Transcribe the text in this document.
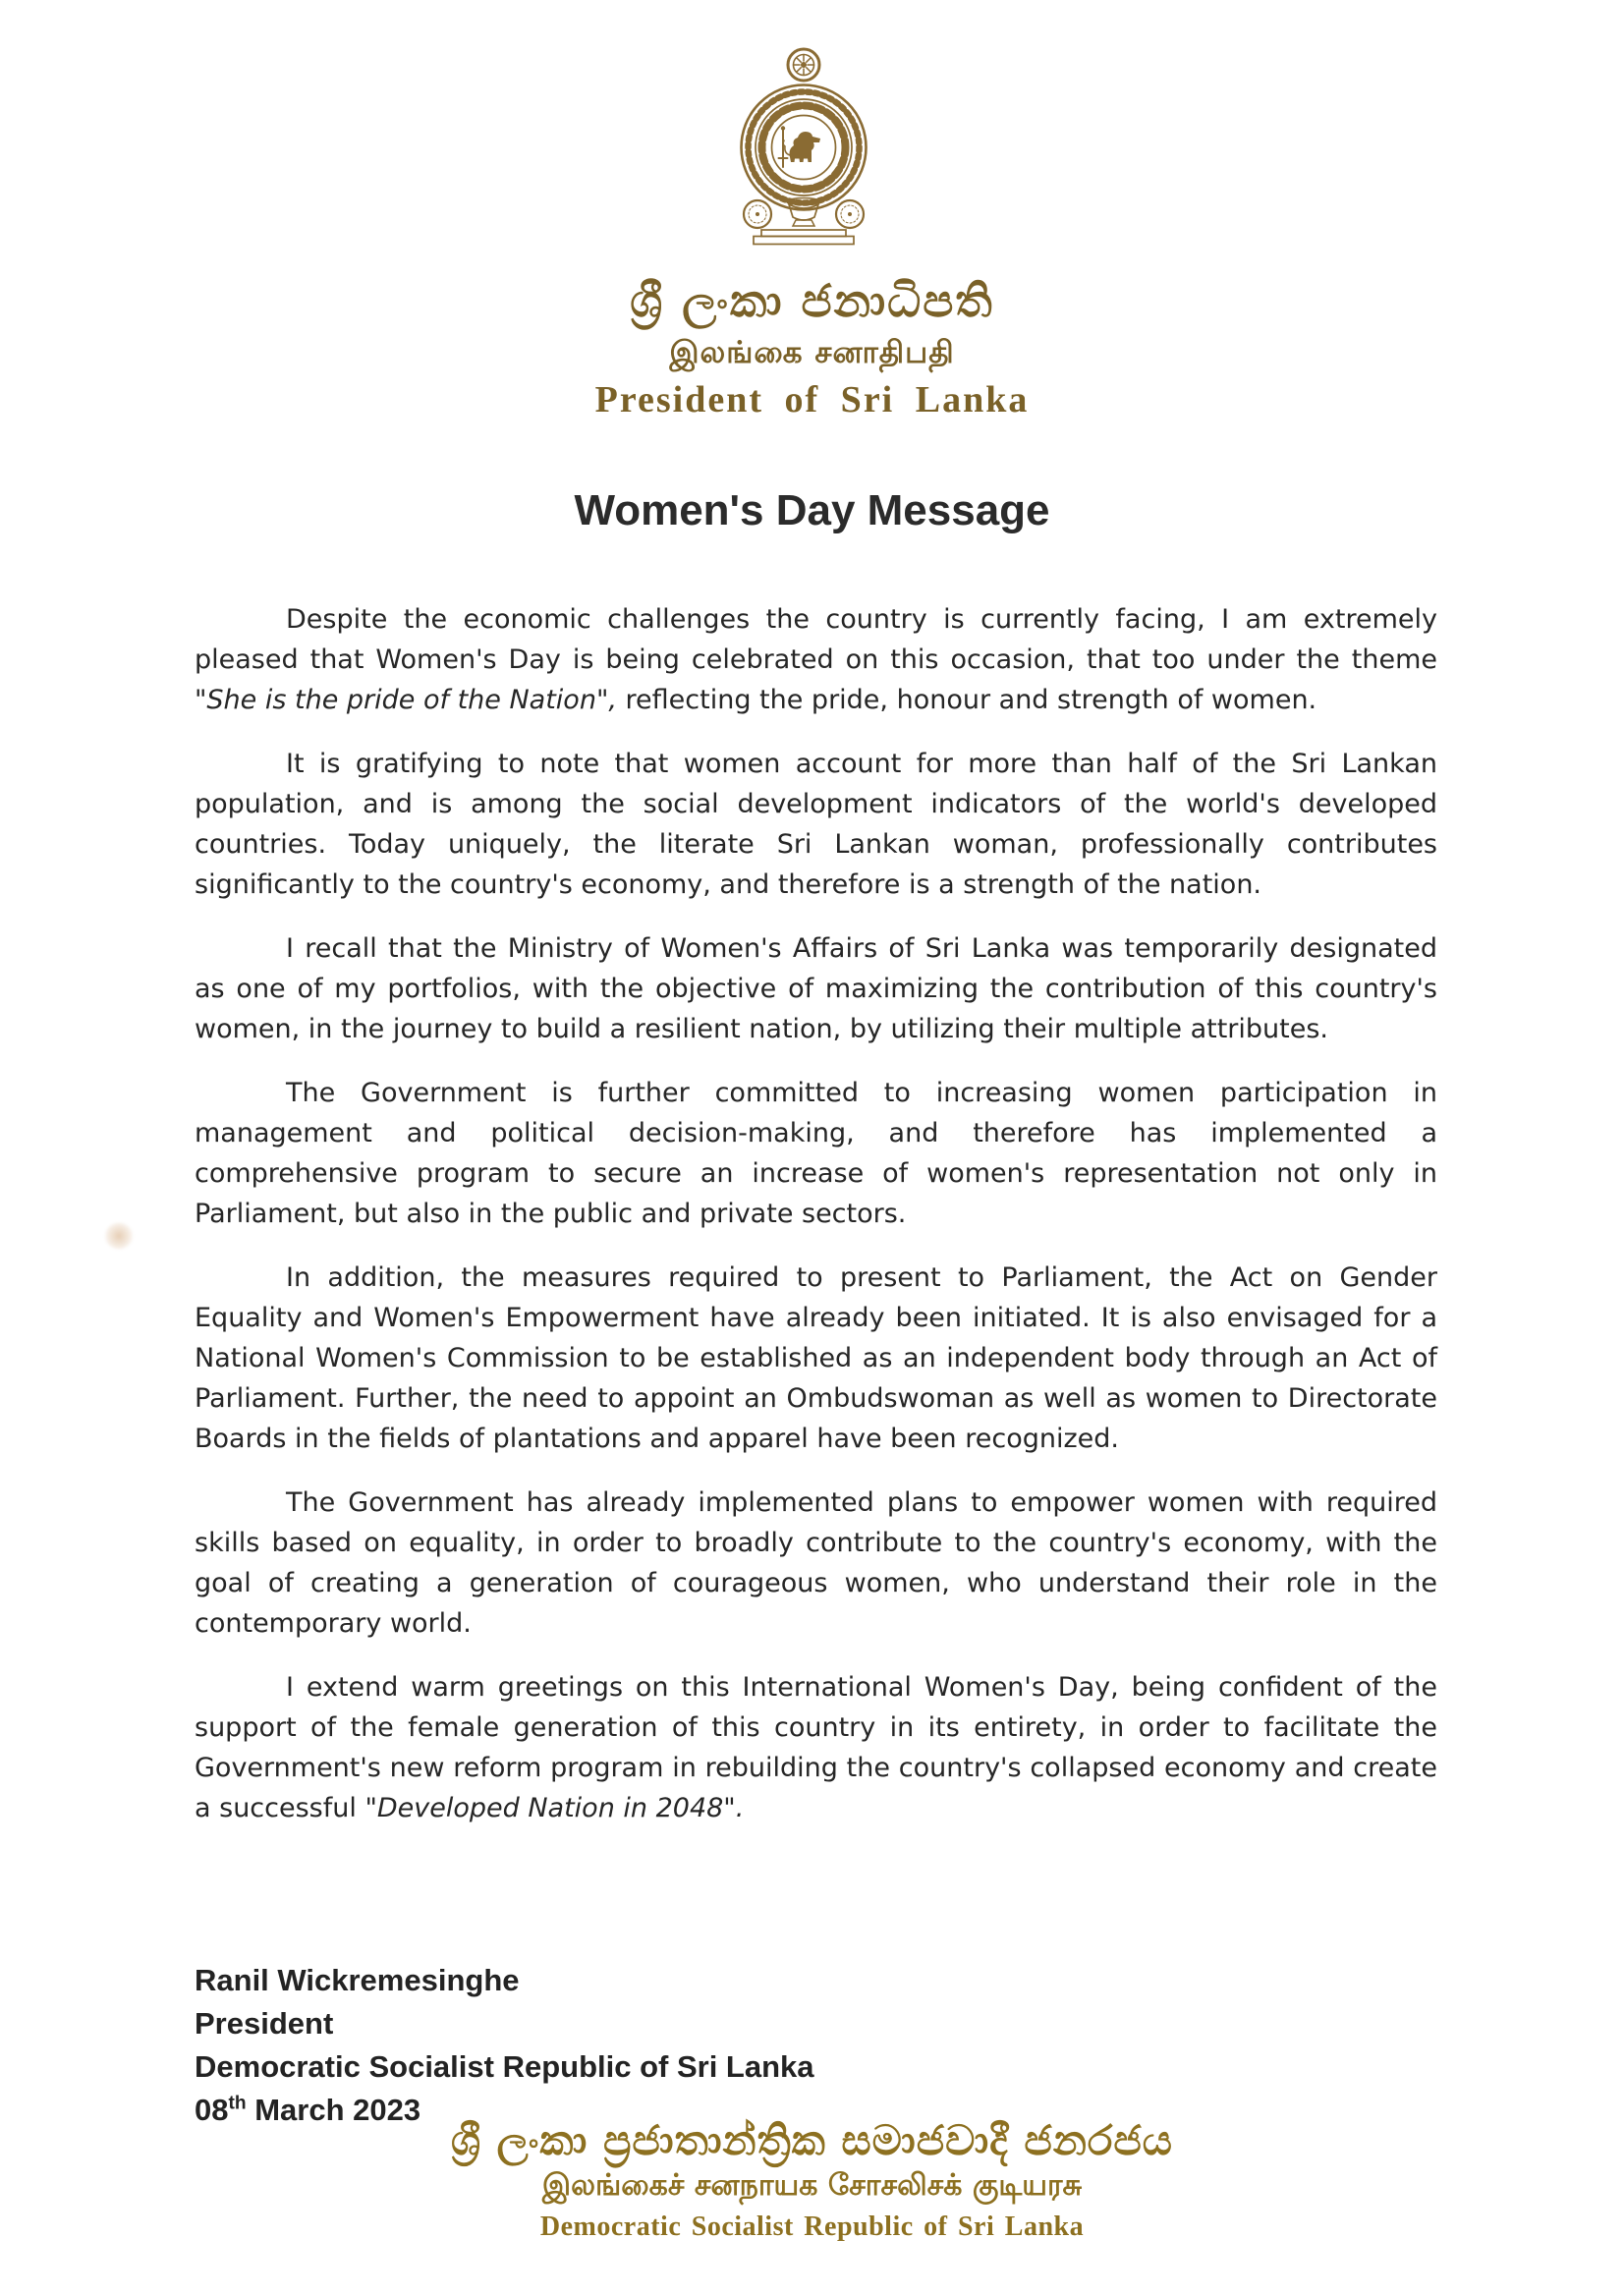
ශ්‍රී ලංකා ජනාධිපති
இலங்கை சனாதிபதி
President of Sri Lanka
Women's Day Message

Despite the economic challenges the country is currently facing, I am extremely pleased that Women's Day is being celebrated on this occasion, that too under the theme "She is the pride of the Nation", reflecting the pride, honour and strength of women.

It is gratifying to note that women account for more than half of the Sri Lankan population, and is among the social development indicators of the world's developed countries. Today uniquely, the literate Sri Lankan woman, professionally contributes significantly to the country's economy, and therefore is a strength of the nation.

I recall that the Ministry of Women's Affairs of Sri Lanka was temporarily designated as one of my portfolios, with the objective of maximizing the contribution of this country's women, in the journey to build a resilient nation, by utilizing their multiple attributes.

The Government is further committed to increasing women participation in management and political decision-making, and therefore has implemented a comprehensive program to secure an increase of women's representation not only in Parliament, but also in the public and private sectors.

In addition, the measures required to present to Parliament, the Act on Gender Equality and Women's Empowerment have already been initiated. It is also envisaged for a National Women's Commission to be established as an independent body through an Act of Parliament. Further, the need to appoint an Ombudswoman as well as women to Directorate Boards in the fields of plantations and apparel have been recognized.

The Government has already implemented plans to empower women with required skills based on equality, in order to broadly contribute to the country's economy, with the goal of creating a generation of courageous women, who understand their role in the contemporary world.

I extend warm greetings on this International Women's Day, being confident of the support of the female generation of this country in its entirety, in order to facilitate the Government's new reform program in rebuilding the country's collapsed economy and create a successful "Developed Nation in 2048".

Ranil Wickremesinghe
President
Democratic Socialist Republic of Sri Lanka
08th March 2023
ශ්‍රී ලංකා ප්‍රජාතාන්ත්‍රික සමාජවාදී ජනරජය
இலங்கைச் சனநாயக சோசலிசக் குடியரசு
Democratic Socialist Republic of Sri Lanka
